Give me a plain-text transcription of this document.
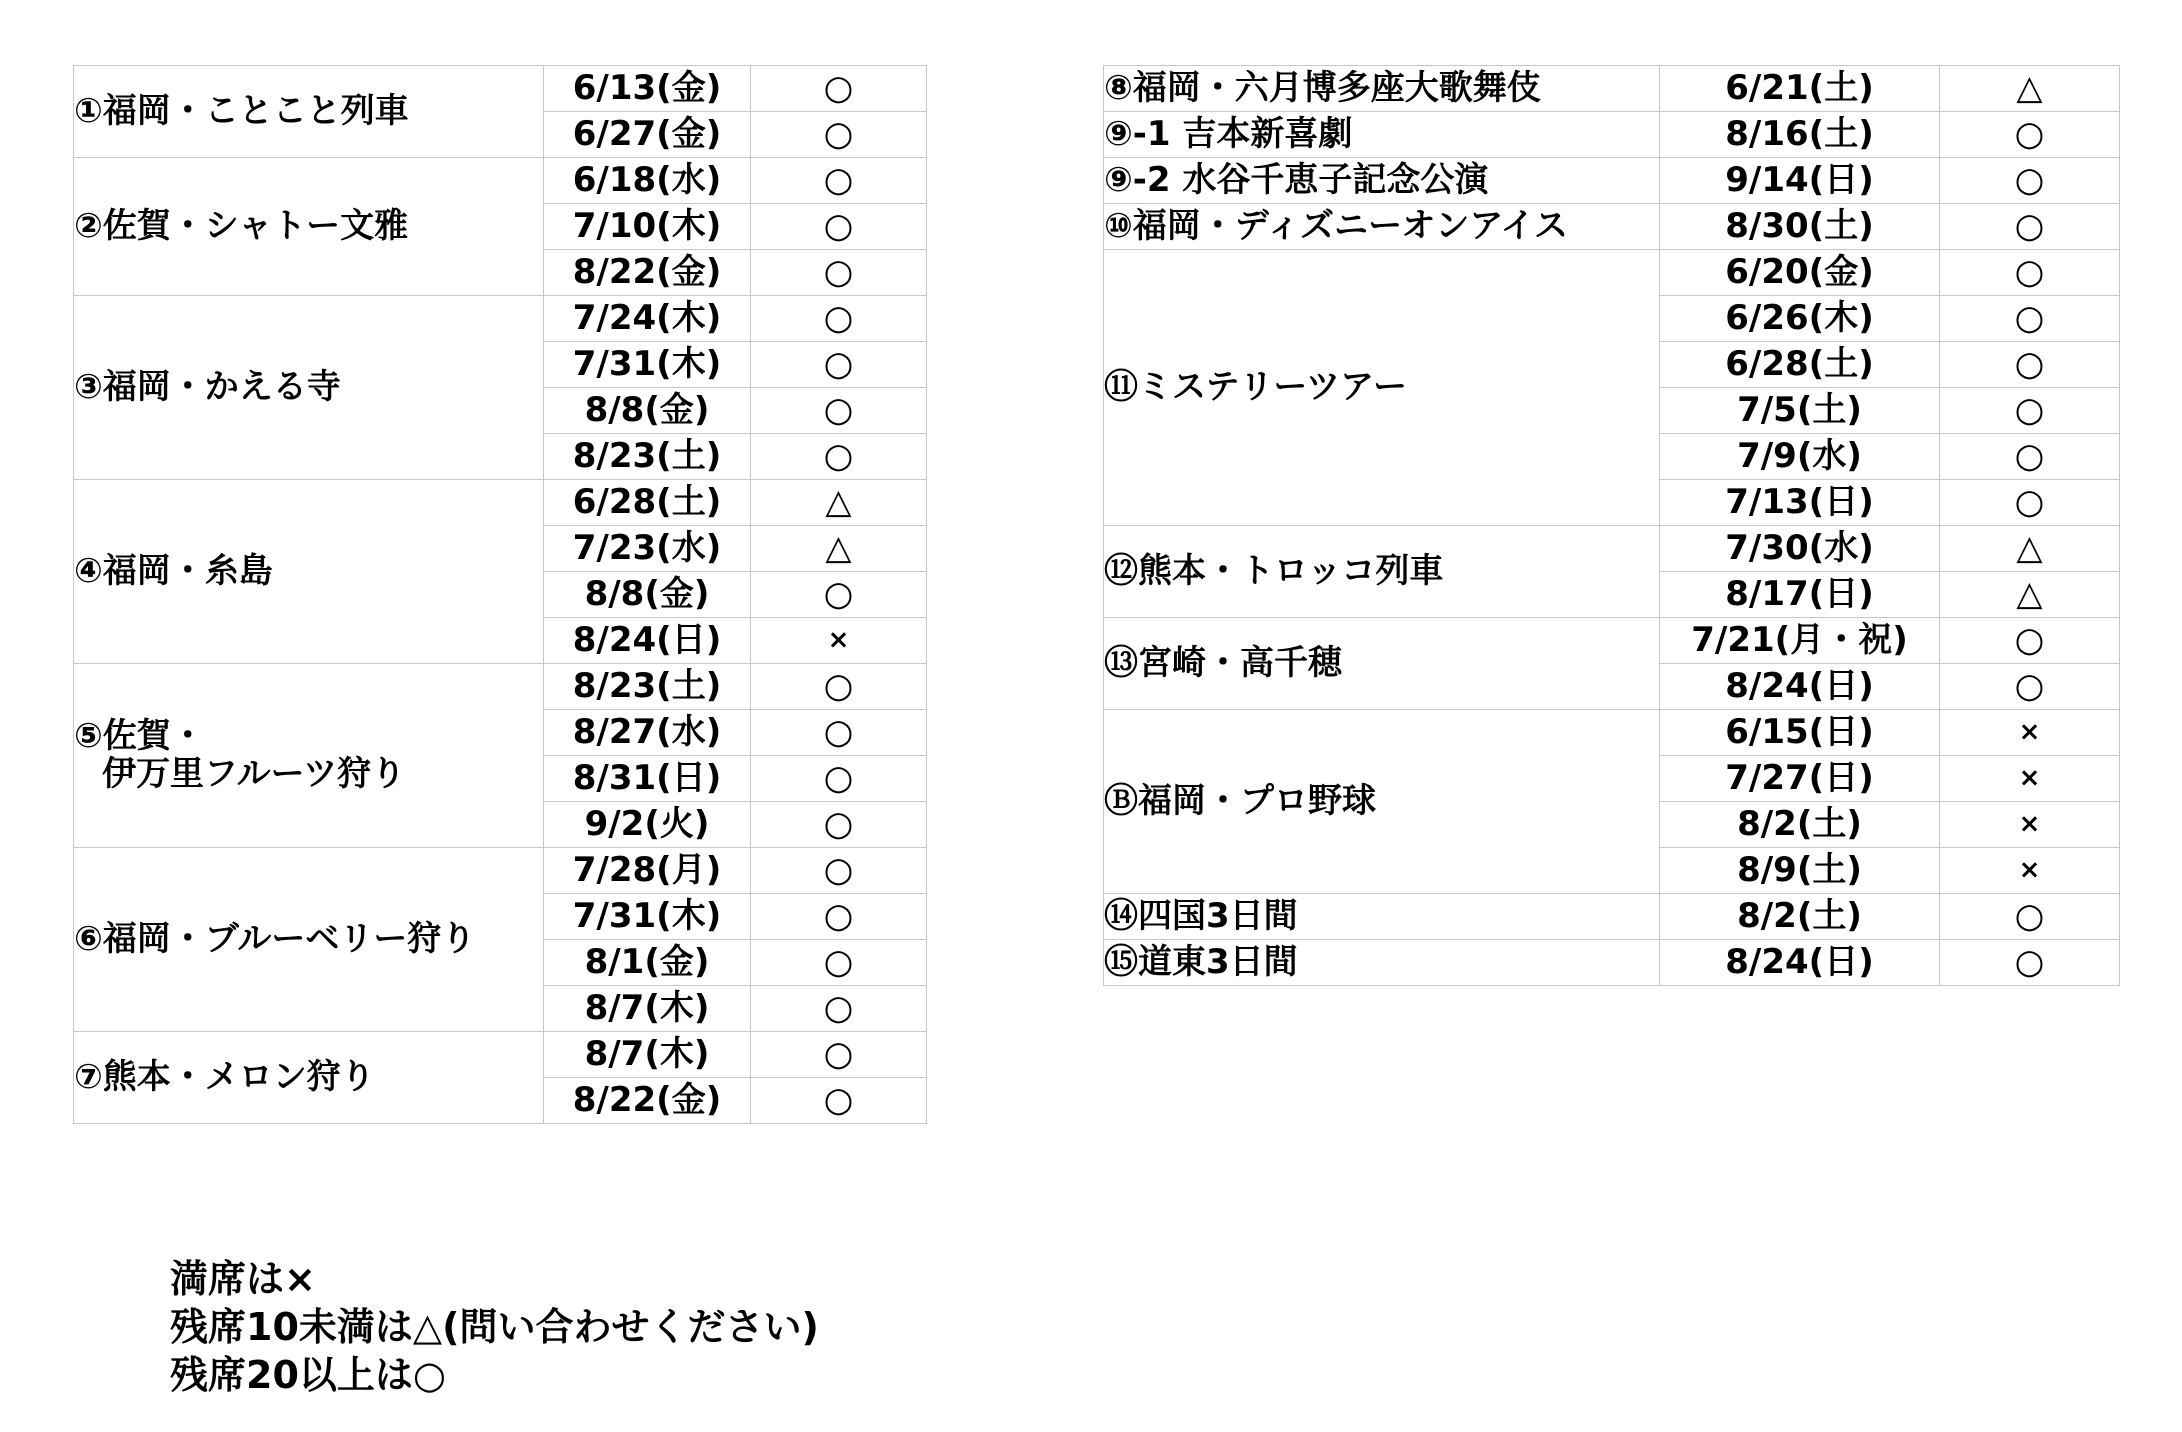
①福岡・ことこと列車	6/13(金)	○
	6/27(金)	○

②佐賀・シャトー文雅	6/18(水)	○
	7/10(木)	○
	8/22(金)	○

③福岡・かえる寺	7/24(木)	○
	7/31(木)	○
	8/8(金)	○
	8/23(土)	○

④福岡・糸島	6/28(土)	△
	7/23(水)	△
	8/8(金)	○
	8/24(日)	×

⑤佐賀・
伊万里フルーツ狩り	8/23(土)	○
	8/27(水)	○
	8/31(日)	○
	9/2(火)	○

⑥福岡・ブルーベリー狩り	7/28(月)	○
	7/31(木)	○
	8/1(金)	○
	8/7(木)	○

⑦熊本・メロン狩り	8/7(木)	○
	8/22(金)	○
⑧福岡・六月博多座大歌舞伎	6/21(土)	△

⑨-1 吉本新喜劇	8/16(土)	○

⑨-2 水谷千恵子記念公演	9/14(日)	○

⑩福岡・ディズニーオンアイス	8/30(土)	○

⑪ミステリーツアー	6/20(金)	○
	6/26(木)	○
	6/28(土)	○
	7/5(土)	○
	7/9(水)	○
	7/13(日)	○

⑫熊本・トロッコ列車	7/30(水)	△
	8/17(日)	△

⑬宮崎・高千穂	7/21(月・祝)	○
	8/24(日)	○

Ⓑ福岡・プロ野球	6/15(日)	×
	7/27(日)	×
	8/2(土)	×
	8/9(土)	×

⑭四国3日間	8/2(土)	○

⑮道東3日間	8/24(日)	○
満席は×
残席10未満は△(問い合わせください)
残席20以上は○
